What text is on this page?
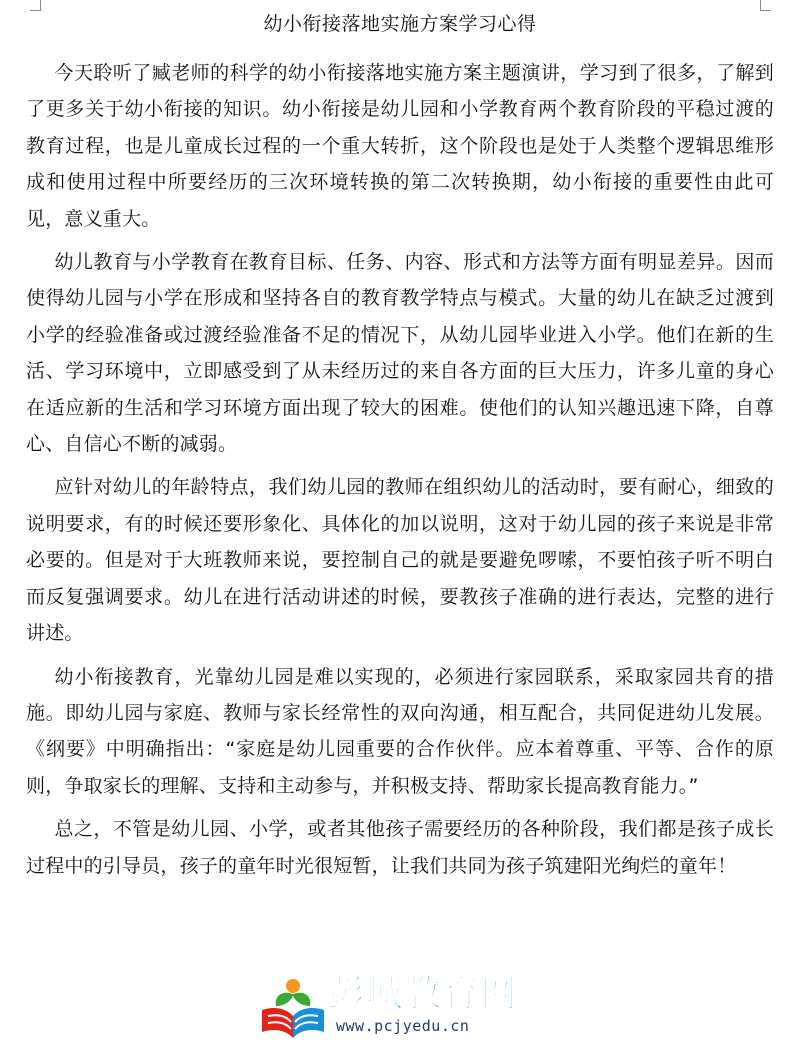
幼小衔接落地实施方案学习心得

今天聆听了臧老师的科学的幼小衔接落地实施方案主题演讲，学习到了很多，了解到了更多关于幼小衔接的知识。幼小衔接是幼儿园和小学教育两个教育阶段的平稳过渡的教育过程，也是儿童成长过程的一个重大转折，这个阶段也是处于人类整个逻辑思维形成和使用过程中所要经历的三次环境转换的第二次转换期，幼小衔接的重要性由此可见，意义重大。

幼儿教育与小学教育在教育目标、任务、内容、形式和方法等方面有明显差异。因而使得幼儿园与小学在形成和坚持各自的教育教学特点与模式。大量的幼儿在缺乏过渡到小学的经验准备或过渡经验准备不足的情况下，从幼儿园毕业进入小学。他们在新的生活、学习环境中，立即感受到了从未经历过的来自各方面的巨大压力，许多儿童的身心在适应新的生活和学习环境方面出现了较大的困难。使他们的认知兴趣迅速下降，自尊心、自信心不断的减弱。

应针对幼儿的年龄特点，我们幼儿园的教师在组织幼儿的活动时，要有耐心，细致的说明要求，有的时候还要形象化、具体化的加以说明，这对于幼儿园的孩子来说是非常必要的。但是对于大班教师来说，要控制自己的就是要避免啰嗦，不要怕孩子听不明白而反复强调要求。幼儿在进行活动讲述的时候，要教孩子准确的进行表达，完整的进行讲述。

幼小衔接教育，光靠幼儿园是难以实现的，必须进行家园联系，采取家园共育的措施。即幼儿园与家庭、教师与家长经常性的双向沟通，相互配合，共同促进幼儿发展。《纲要》中明确指出：“家庭是幼儿园重要的合作伙伴。应本着尊重、平等、合作的原则，争取家长的理解、支持和主动参与，并积极支持、帮助家长提高教育能力。”

总之，不管是幼儿园、小学，或者其他孩子需要经历的各种阶段，我们都是孩子成长过程中的引导员，孩子的童年时光很短暂，让我们共同为孩子筑建阳光绚烂的童年！

彭城教育网
www.pcjyedu.cn
